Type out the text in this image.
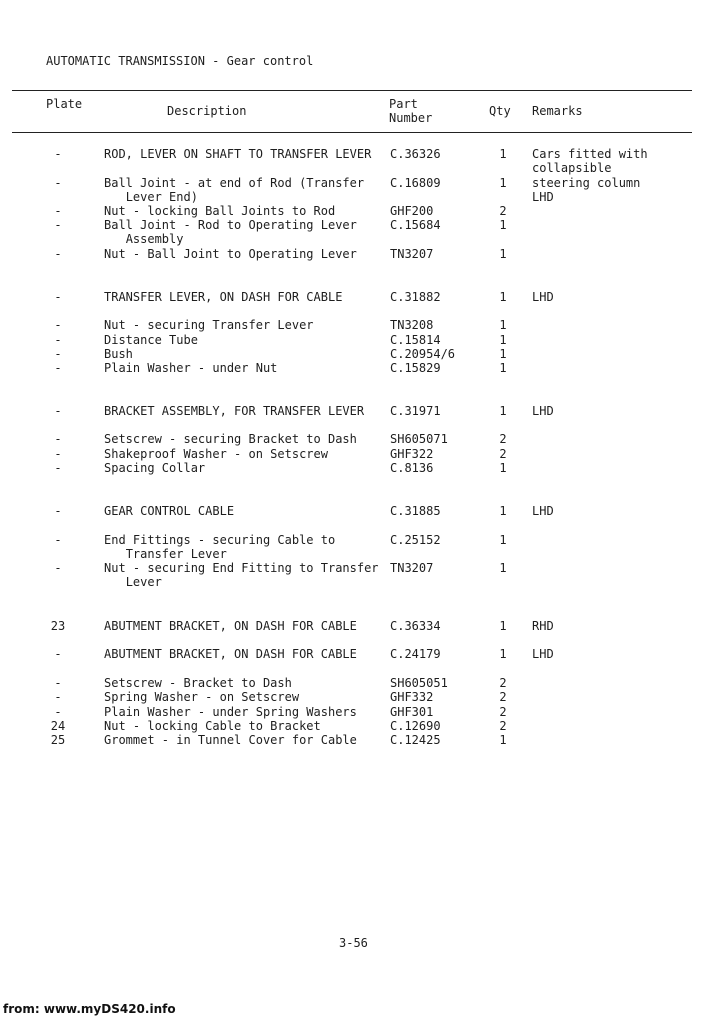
AUTOMATIC TRANSMISSION - Gear control
Plate	Description	Part
Number	Qty Remarks
-	ROD, LEVER ON SHAFT TO TRANSFER LEVER	C.36326	1 Cars fitted with
collapsible
steering column
LHD
-	Ball Joint - at end of Rod (Transfer
Lever End)
C.16809	1
-	Nut - locking Ball Joints to Rod	GHF200	2
-	Ball Joint - Rod to Operating Lever
Assembly
C.15684	1
-	Nut - Ball Joint to Operating Lever	TN3207	1
-	TRANSFER LEVER, ON DASH FOR CABLE	C.31882	1 LHD
-	Nut - securing Transfer Lever	TN3208	1
-	Distance Tube	C.15814	1
-	Bush	C.20954/6	1
-	Plain Washer - under Nut	C.15829	1
-	BRACKET ASSEMBLY, FOR TRANSFER LEVER	C.31971	1 LHD
-	Setscrew - securing Bracket to Dash	SH605071	2
-	Shakeproof Washer - on Setscrew	GHF322	2
-	Spacing Collar	C.8136	1
-	GEAR CONTROL CABLE	C.31885	1 LHD
-	End Fittings - securing Cable to
Transfer Lever
C.25152	1
-	Nut - securing End Fitting to Transfer
Lever
TN3207	1
23	ABUTMENT BRACKET, ON DASH FOR CABLE	C.36334	1 RHD
-	ABUTMENT BRACKET, ON DASH FOR CABLE	C.24179	1 LHD
-	Setscrew - Bracket to Dash	SH605051	2
-	Spring Washer - on Setscrew	GHF332	2
-	Plain Washer - under Spring Washers	GHF301	2
24	Nut - locking Cable to Bracket	C.12690	2
25	Grommet - in Tunnel Cover for Cable	C.12425	1
3-56
from: www.myDS420.info
